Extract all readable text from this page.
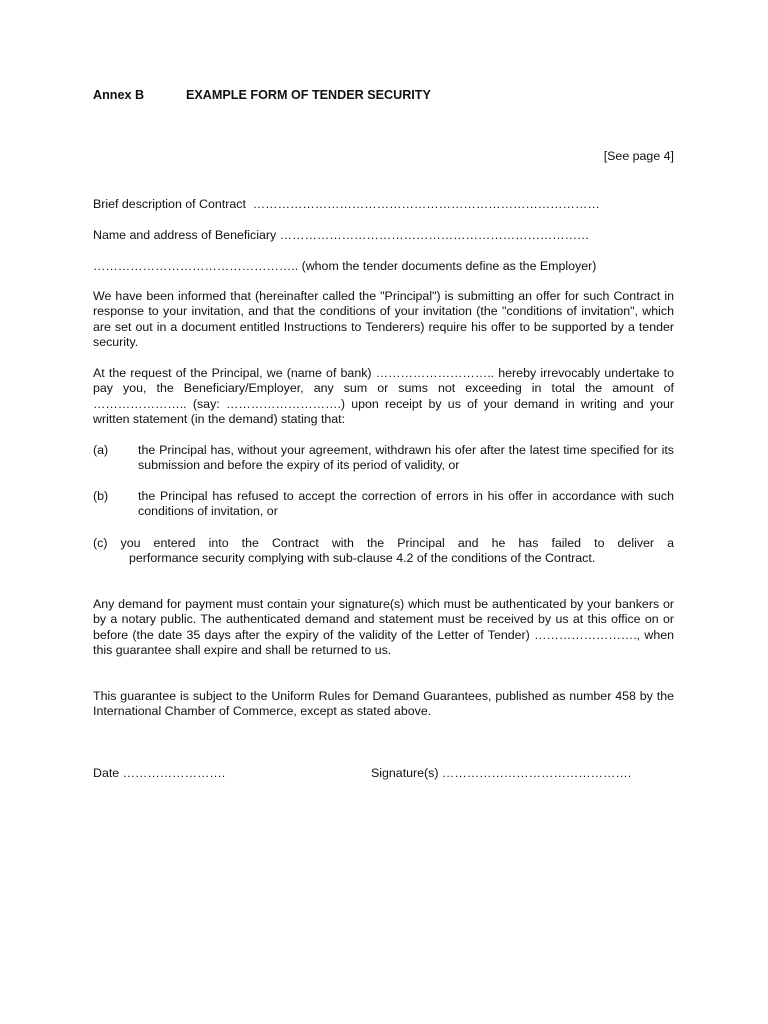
Annex B	EXAMPLE FORM OF TENDER SECURITY
[See page 4]
Brief description of Contract …………………………………………………………………………
Name and address of Beneficiary …………………………………………………………………
………………………………………….. (whom the tender documents define as the Employer)
We have been informed that (hereinafter called the "Principal") is submitting an offer for such Contract in response to your invitation, and that the conditions of your invitation (the "conditions of invitation", which are set out in a document entitled Instructions to Tenderers) require his offer to be supported by a tender security.
At the request of the Principal, we (name of bank) ……………………….. hereby irrevocably undertake to pay you, the Beneficiary/Employer, any sum or sums not exceeding in total the amount of ………………….. (say: ……………………….) upon receipt by us of your demand in writing and your written statement (in the demand) stating that:
(a) the Principal has, without your agreement, withdrawn his ofer after the latest time specified for its submission and before the expiry of its period of validity, or
(b) the Principal has refused to accept the correction of errors in his offer in accordance with such conditions of invitation, or
(c) you entered into the Contract with the Principal and he has failed to deliver a
performance security complying with sub-clause 4.2 of the conditions of the Contract.
Any demand for payment must contain your signature(s) which must be authenticated by your bankers or by a notary public. The authenticated demand and statement must be received by us at this office on or before (the date 35 days after the expiry of the validity of the Letter of Tender) ……………………., when this guarantee shall expire and shall be returned to us.
This guarantee is subject to the Uniform Rules for Demand Guarantees, published as number 458 by the International Chamber of Commerce, except as stated above.
Date …………………….	Signature(s) ……………………………………….
